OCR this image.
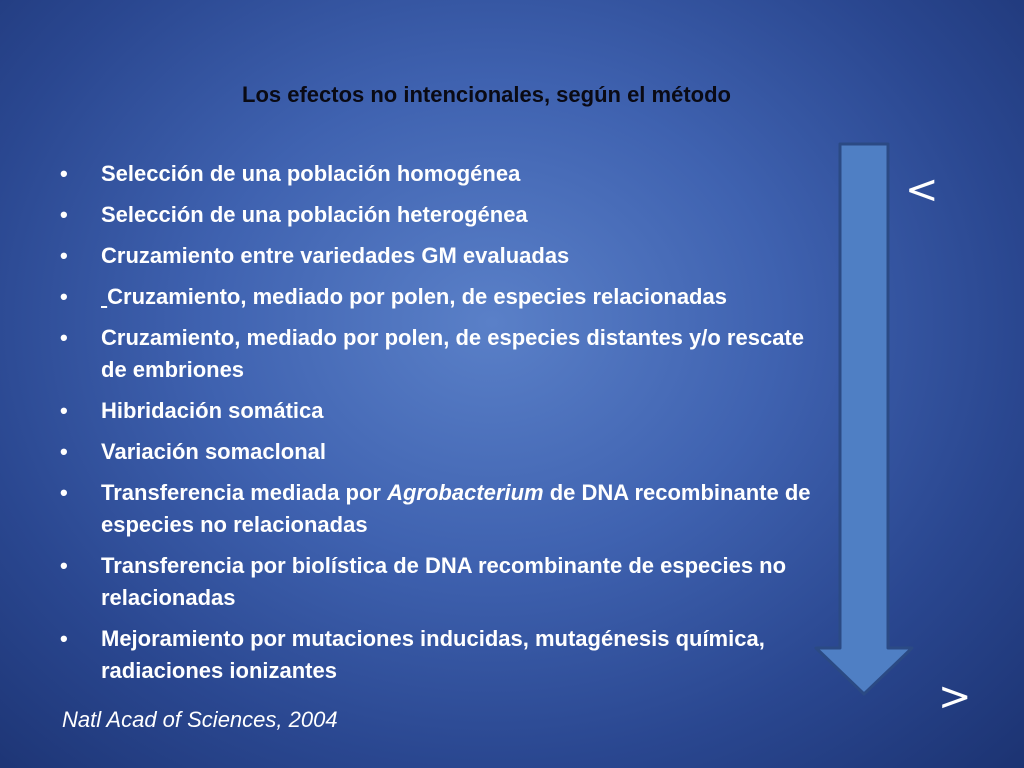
Los efectos no intencionales, según el método
• Selección de una población homogénea
• Selección de una población heterogénea
• Cruzamiento entre variedades GM evaluadas
• Cruzamiento, mediado por polen, de especies relacionadas
• Cruzamiento, mediado por polen, de especies distantes y/o rescate de embriones
• Hibridación somática
• Variación somaclonal
• Transferencia mediada por Agrobacterium de DNA recombinante de especies no relacionadas
• Transferencia por biolística de DNA recombinante de especies no relacionadas
• Mejoramiento por mutaciones inducidas, mutagénesis química, radiaciones ionizantes
Natl Acad of Sciences, 2004
<
>
